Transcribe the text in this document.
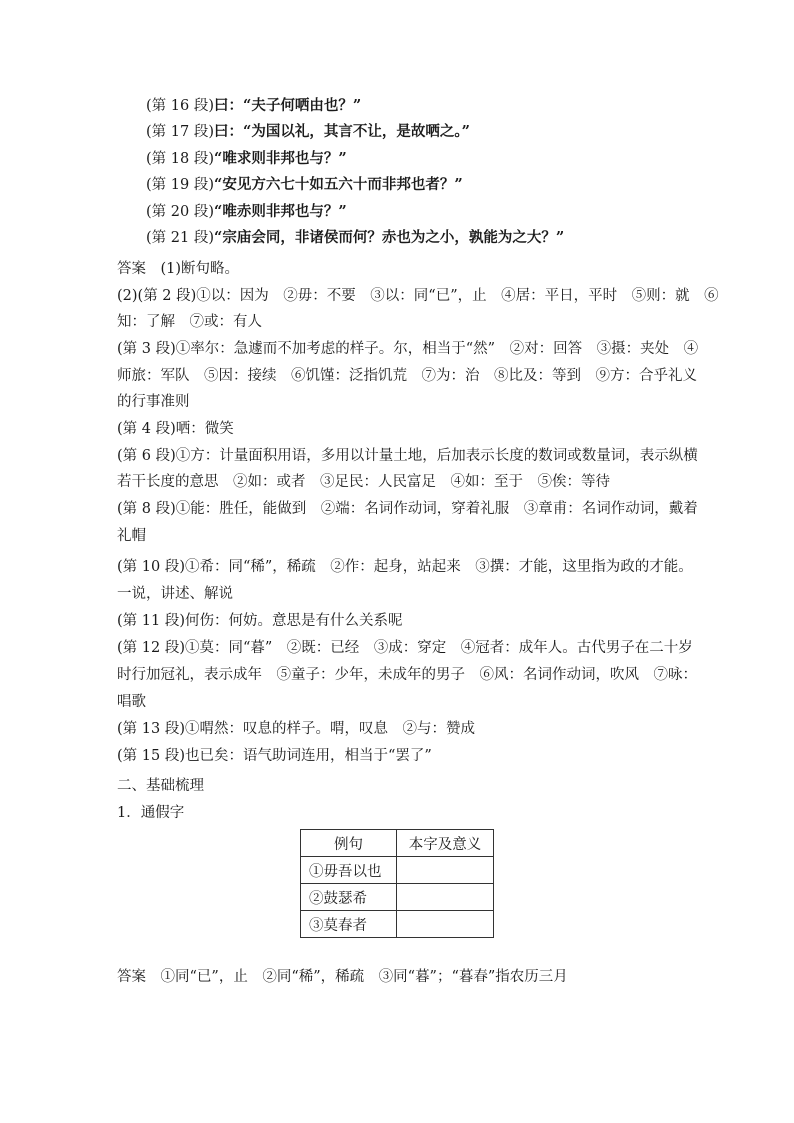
(第 16 段)曰：“夫子何哂由也？”
(第 17 段)曰：“为国以礼，其言不让，是故哂之。”
(第 18 段)“唯求则非邦也与？”
(第 19 段)“安见方六七十如五六十而非邦也者？”
(第 20 段)“唯赤则非邦也与？”
(第 21 段)“宗庙会同，非诸侯而何？赤也为之小，孰能为之大？”
答案　(1)断句略。
(2)(第 2 段)①以：因为　②毋：不要　③以：同“已”，止　④居：平日，平时　⑤则：就　⑥
知：了解　⑦或：有人
(第 3 段)①率尔：急遽而不加考虑的样子。尔，相当于“然”　②对：回答　③摄：夹处　④
师旅：军队　⑤因：接续　⑥饥馑：泛指饥荒　⑦为：治　⑧比及：等到　⑨方：合乎礼义
的行事准则
(第 4 段)哂：微笑
(第 6 段)①方：计量面积用语，多用以计量土地，后加表示长度的数词或数量词，表示纵横
若干长度的意思　②如：或者　③足民：人民富足　④如：至于　⑤俟：等待
(第 8 段)①能：胜任，能做到　②端：名词作动词，穿着礼服　③章甫：名词作动词，戴着
礼帽
(第 10 段)①希：同“稀”，稀疏　②作：起身，站起来　③撰：才能，这里指为政的才能。
一说，讲述、解说
(第 11 段)何伤：何妨。意思是有什么关系呢
(第 12 段)①莫：同“暮”　②既：已经　③成：穿定　④冠者：成年人。古代男子在二十岁
时行加冠礼，表示成年　⑤童子：少年，未成年的男子　⑥风：名词作动词，吹风　⑦咏：
唱歌
(第 13 段)①喟然：叹息的样子。喟，叹息　②与：赞成
(第 15 段)也已矣：语气助词连用，相当于“罢了”
二、基础梳理
1．通假字
例句	本字及意义
①毋吾以也	
②鼓瑟希	
③莫春者	
答案　①同“已”，止　②同“稀”，稀疏　③同“暮”；“暮春”指农历三月
